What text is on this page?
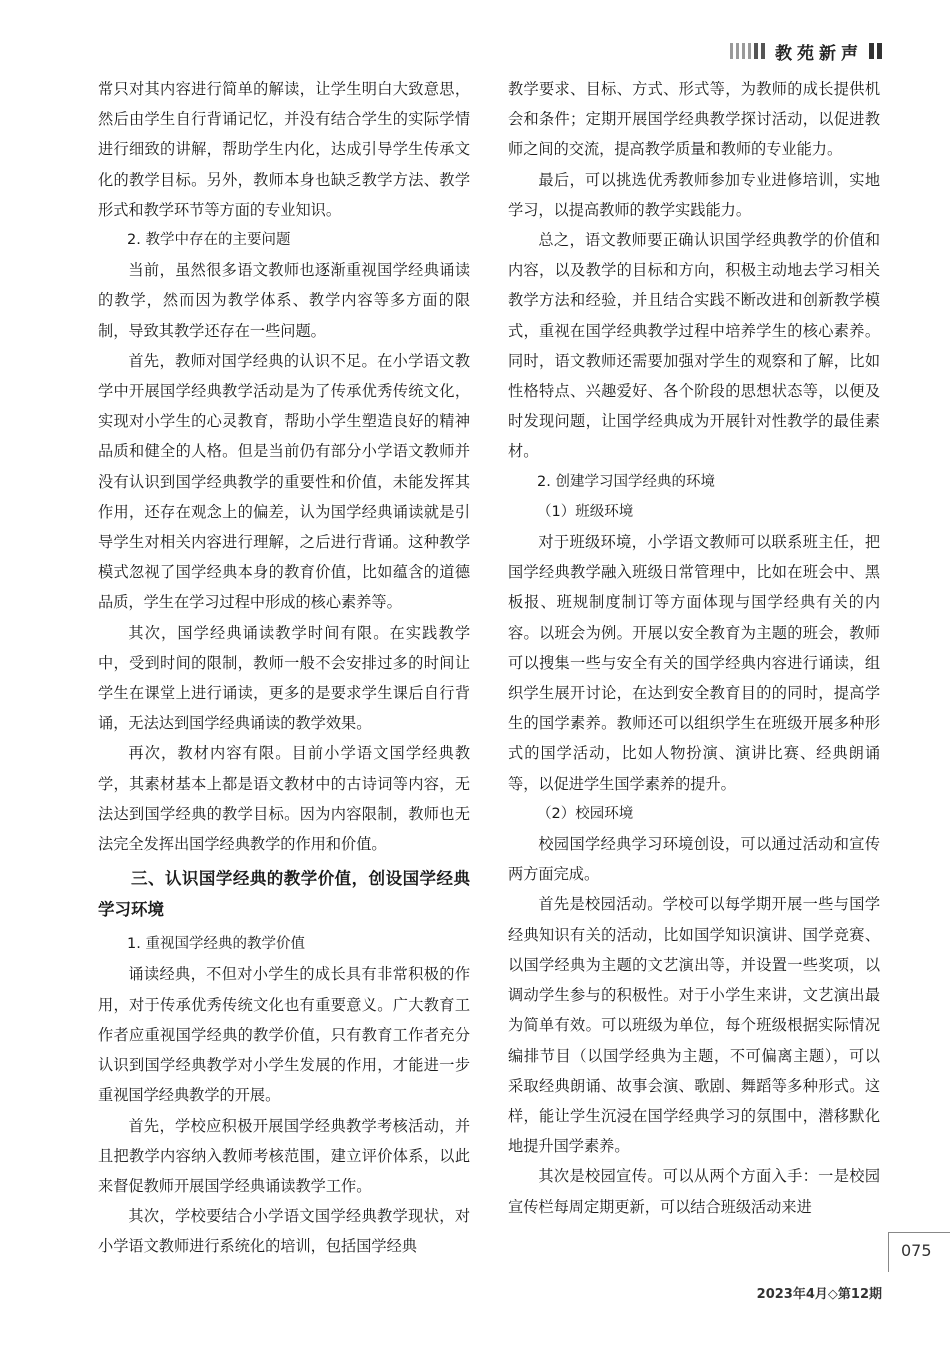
教苑新声

常只对其内容进行简单的解读，让学生明白大致意思，然后由学生自行背诵记忆，并没有结合学生的实际学情进行细致的讲解，帮助学生内化，达成引导学生传承文化的教学目标。另外，教师本身也缺乏教学方法、教学形式和教学环节等方面的专业知识。

2. 教学中存在的主要问题

当前，虽然很多语文教师也逐渐重视国学经典诵读的教学，然而因为教学体系、教学内容等多方面的限制，导致其教学还存在一些问题。

首先，教师对国学经典的认识不足。在小学语文教学中开展国学经典教学活动是为了传承优秀传统文化，实现对小学生的心灵教育，帮助小学生塑造良好的精神品质和健全的人格。但是当前仍有部分小学语文教师并没有认识到国学经典教学的重要性和价值，未能发挥其作用，还存在观念上的偏差，认为国学经典诵读就是引导学生对相关内容进行理解，之后进行背诵。这种教学模式忽视了国学经典本身的教育价值，比如蕴含的道德品质，学生在学习过程中形成的核心素养等。

其次，国学经典诵读教学时间有限。在实践教学中，受到时间的限制，教师一般不会安排过多的时间让学生在课堂上进行诵读，更多的是要求学生课后自行背诵，无法达到国学经典诵读的教学效果。

再次，教材内容有限。目前小学语文国学经典教学，其素材基本上都是语文教材中的古诗词等内容，无法达到国学经典的教学目标。因为内容限制，教师也无法完全发挥出国学经典教学的作用和价值。

三、认识国学经典的教学价值，创设国学经典学习环境

1. 重视国学经典的教学价值

诵读经典，不但对小学生的成长具有非常积极的作用，对于传承优秀传统文化也有重要意义。广大教育工作者应重视国学经典的教学价值，只有教育工作者充分认识到国学经典教学对小学生发展的作用，才能进一步重视国学经典教学的开展。

首先，学校应积极开展国学经典教学考核活动，并且把教学内容纳入教师考核范围，建立评价体系，以此来督促教师开展国学经典诵读教学工作。

其次，学校要结合小学语文国学经典教学现状，对小学语文教师进行系统化的培训，包括国学经典

教学要求、目标、方式、形式等，为教师的成长提供机会和条件；定期开展国学经典教学探讨活动，以促进教师之间的交流，提高教学质量和教师的专业能力。

最后，可以挑选优秀教师参加专业进修培训，实地学习，以提高教师的教学实践能力。

总之，语文教师要正确认识国学经典教学的价值和内容，以及教学的目标和方向，积极主动地去学习相关教学方法和经验，并且结合实践不断改进和创新教学模式，重视在国学经典教学过程中培养学生的核心素养。同时，语文教师还需要加强对学生的观察和了解，比如性格特点、兴趣爱好、各个阶段的思想状态等，以便及时发现问题，让国学经典成为开展针对性教学的最佳素材。

2. 创建学习国学经典的环境

（1）班级环境

对于班级环境，小学语文教师可以联系班主任，把国学经典教学融入班级日常管理中，比如在班会中、黑板报、班规制度制订等方面体现与国学经典有关的内容。以班会为例。开展以安全教育为主题的班会，教师可以搜集一些与安全有关的国学经典内容进行诵读，组织学生展开讨论，在达到安全教育目的的同时，提高学生的国学素养。教师还可以组织学生在班级开展多种形式的国学活动，比如人物扮演、演讲比赛、经典朗诵等，以促进学生国学素养的提升。

（2）校园环境

校园国学经典学习环境创设，可以通过活动和宣传两方面完成。

首先是校园活动。学校可以每学期开展一些与国学经典知识有关的活动，比如国学知识演讲、国学竞赛、以国学经典为主题的文艺演出等，并设置一些奖项，以调动学生参与的积极性。对于小学生来讲，文艺演出最为简单有效。可以班级为单位，每个班级根据实际情况编排节目（以国学经典为主题，不可偏离主题），可以采取经典朗诵、故事会演、歌剧、舞蹈等多种形式。这样，能让学生沉浸在国学经典学习的氛围中，潜移默化地提升国学素养。

其次是校园宣传。可以从两个方面入手：一是校园宣传栏每周定期更新，可以结合班级活动来进

075
2023年4月◇第12期
